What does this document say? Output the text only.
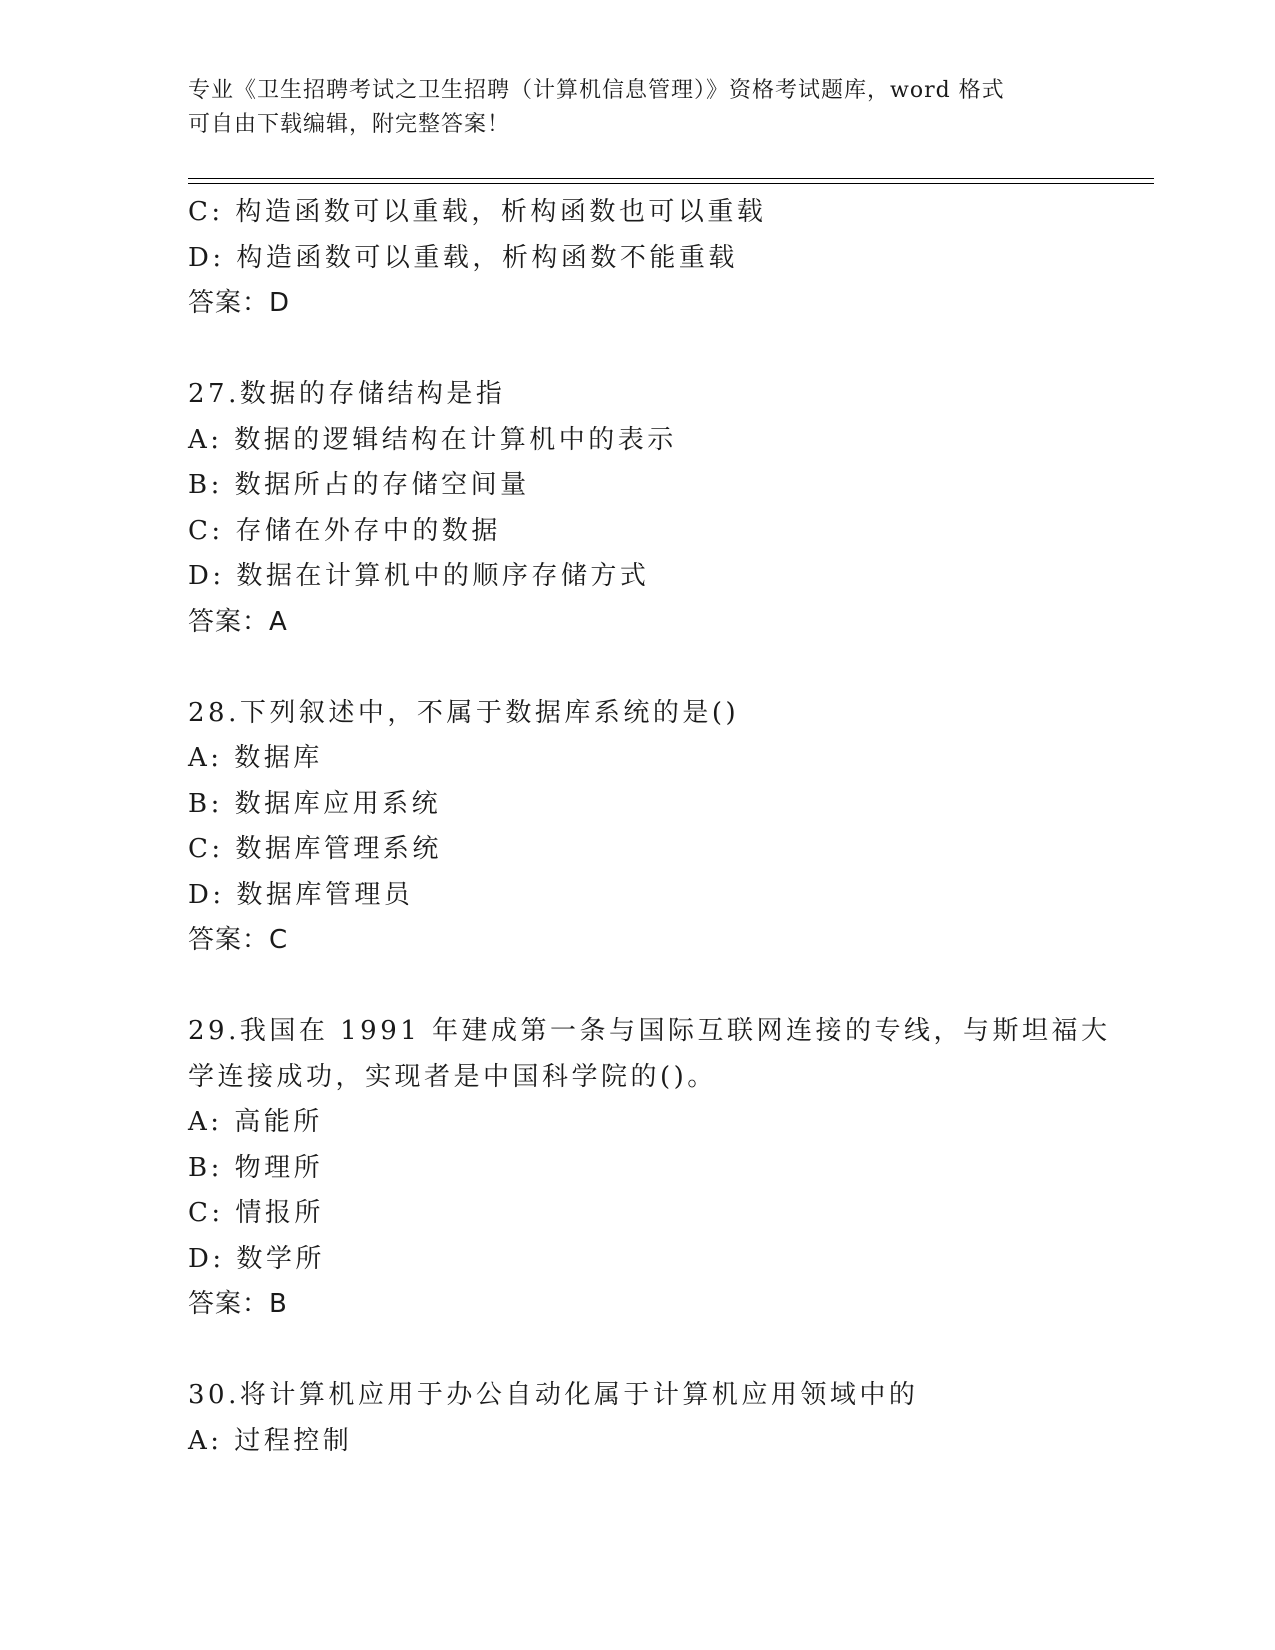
专业《卫生招聘考试之卫生招聘（计算机信息管理）》资格考试题库，word 格式

可自由下载编辑，附完整答案！

C: 构造函数可以重载，析构函数也可以重载
D: 构造函数可以重载，析构函数不能重载
答案：D
27.数据的存储结构是指
A: 数据的逻辑结构在计算机中的表示
B: 数据所占的存储空间量
C: 存储在外存中的数据
D: 数据在计算机中的顺序存储方式
答案：A
28.下列叙述中，不属于数据库系统的是()
A: 数据库
B: 数据库应用系统
C: 数据库管理系统
D: 数据库管理员
答案：C
29.我国在 1991 年建成第一条与国际互联网连接的专线，与斯坦福大
学连接成功，实现者是中国科学院的()。
A: 高能所
B: 物理所
C: 情报所
D: 数学所
答案：B
30.将计算机应用于办公自动化属于计算机应用领域中的
A: 过程控制
